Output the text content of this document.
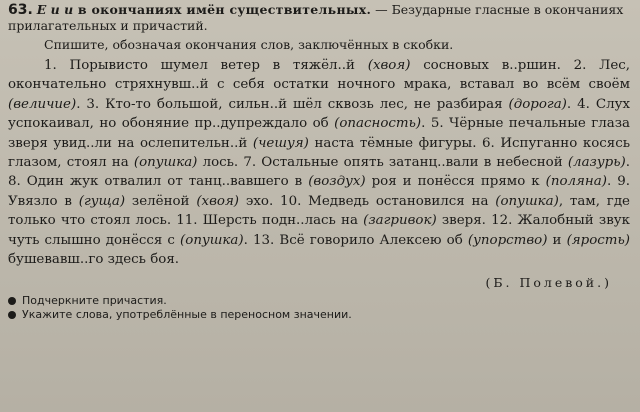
63. Е и и в окончаниях имён существительных. — Безударные гласные в окончаниях прилагательных и причастий.

Спишите, обозначая окончания слов, заключённых в скобки.

1. Порывисто шумел ветер в тяжёл..й (хвоя) сосновых в..ршин. 2. Лес, окончательно стряхнувш..й с себя остатки ночного мрака, вставал во всём своём (величие). 3. Кто-то большой, сильн..й шёл сквозь лес, не разбирая (дорога). 4. Слух успокаивал, но обоняние пр..дупреждало об (опасность). 5. Чёрные печальные глаза зверя увид..ли на ослепительн..й (чешуя) наста тёмные фигуры. 6. Испуганно косясь глазом, стоял на (опушка) лось. 7. Остальные опять затанц..вали в небесной (лазурь). 8. Один жук отвалил от танц..вавшего в (воздух) роя и понёсся прямо к (поляна). 9. Увязло в (гуща) зелёной (хвоя) эхо. 10. Медведь остановился на (опушка), там, где только что стоял лось. 11. Шерсть подн..лась на (загривок) зверя. 12. Жалобный звук чуть слышно донёсся с (опушка). 13. Всё говорило Алексею об (упорство) и (ярость) бушевавш..го здесь боя.

(Б. Полевой.)

Подчеркните причастия.
Укажите слова, употреблённые в переносном значении.
